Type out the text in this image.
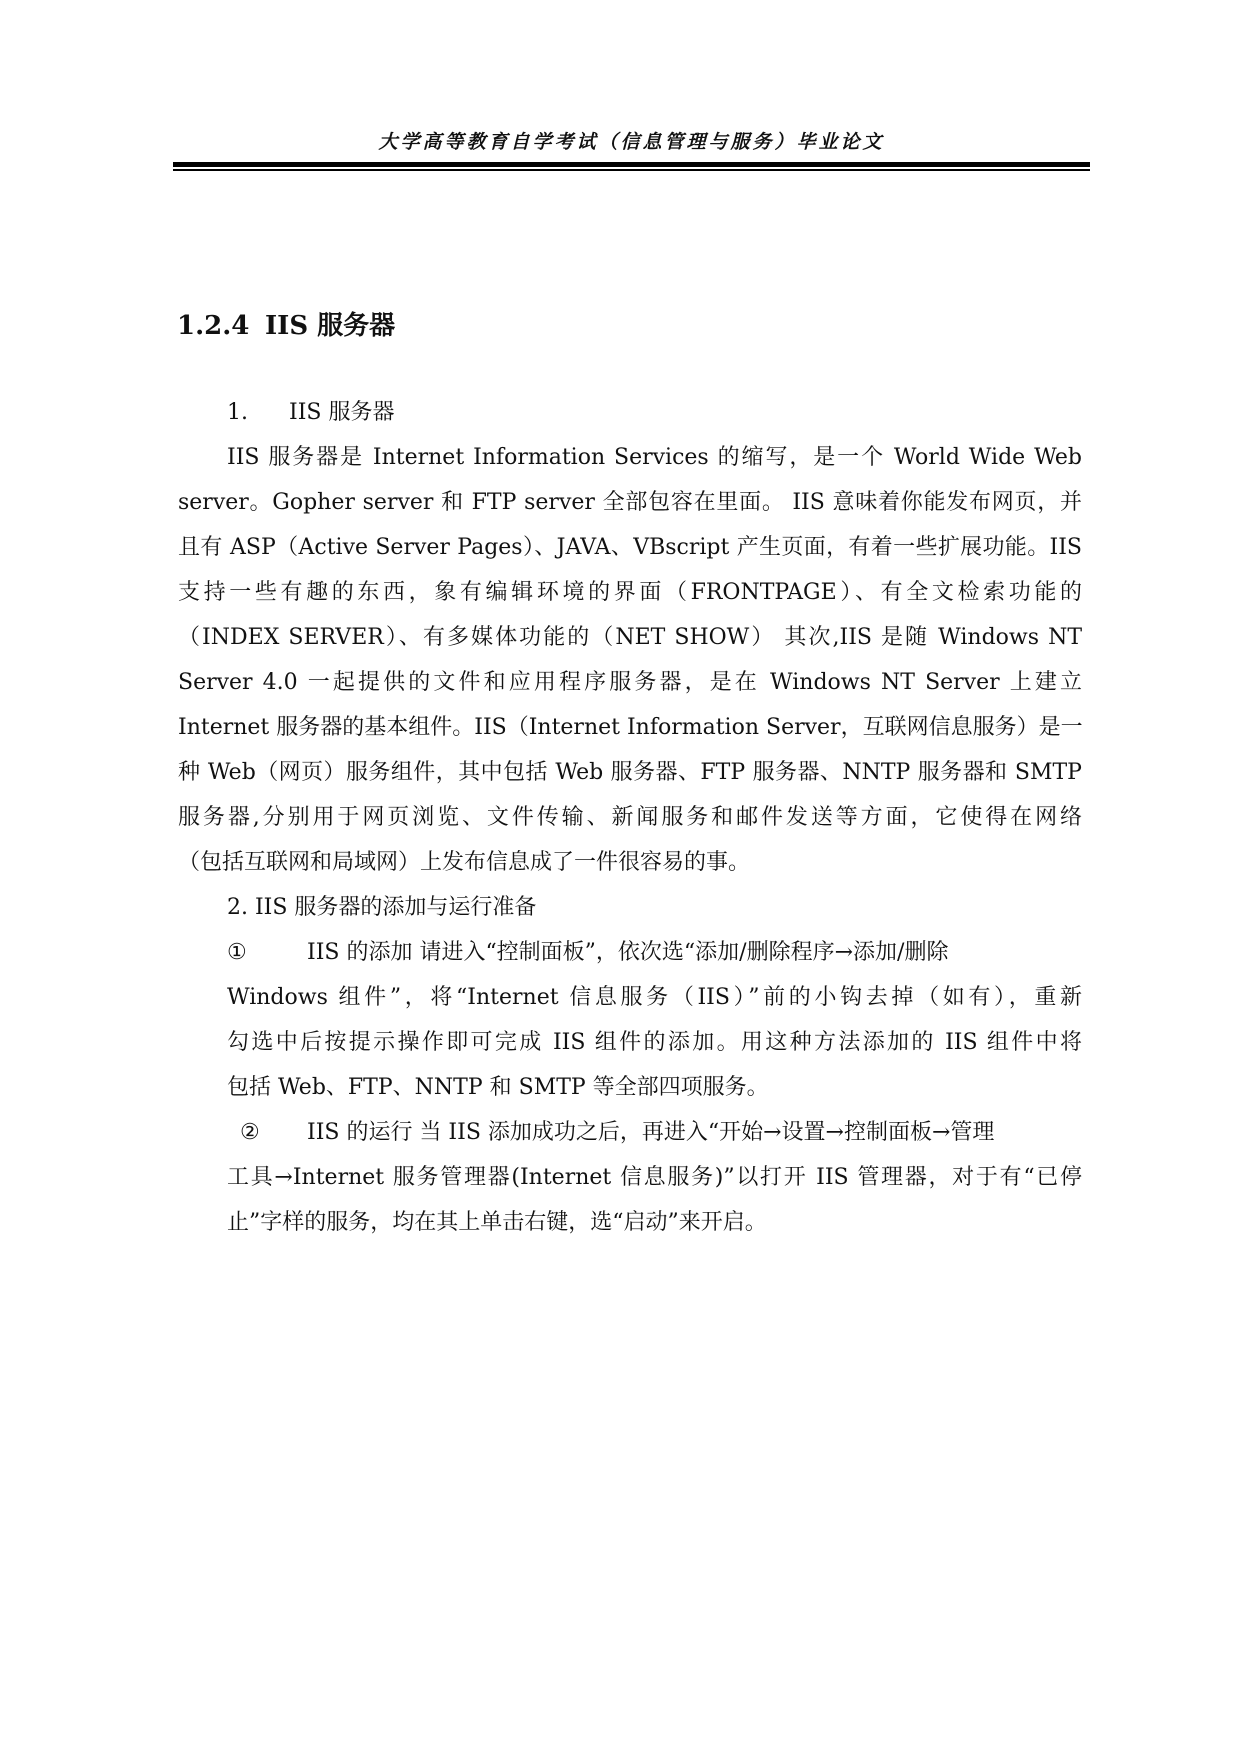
大学高等教育自学考试（信息管理与服务）毕业论文
1.2.4 IIS 服务器
1. IIS 服务器
IIS 服务器是 Internet Information Services 的缩写，是一个 World Wide Web
server。Gopher server 和 FTP server 全部包容在里面。 IIS 意味着你能发布网页，并
且有 ASP（Active Server Pages）、JAVA、VBscript 产生页面，有着一些扩展功能。IIS
支持一些有趣的东西，象有编辑环境的界面（FRONTPAGE）、有全文检索功能的
（INDEX SERVER）、有多媒体功能的（NET SHOW） 其次,IIS 是随 Windows NT
Server 4.0 一起提供的文件和应用程序服务器，是在 Windows NT Server 上建立
Internet 服务器的基本组件。IIS（Internet Information Server，互联网信息服务）是一
种 Web（网页）服务组件，其中包括 Web 服务器、FTP 服务器、NNTP 服务器和 SMTP
服务器,分别用于网页浏览、文件传输、新闻服务和邮件发送等方面，它使得在网络
（包括互联网和局域网）上发布信息成了一件很容易的事。
2. IIS 服务器的添加与运行准备
①	IIS 的添加 请进入“控制面板”，依次选“添加/删除程序→添加/删除
Windows 组件”，将“Internet 信息服务（IIS）”前的小钩去掉（如有），重新
勾选中后按提示操作即可完成 IIS 组件的添加。用这种方法添加的 IIS 组件中将
包括 Web、FTP、NNTP 和 SMTP 等全部四项服务。
② IIS 的运行 当 IIS 添加成功之后，再进入“开始→设置→控制面板→管理
工具→Internet 服务管理器(Internet 信息服务)”以打开 IIS 管理器，对于有“已停
止”字样的服务，均在其上单击右键，选“启动”来开启。
